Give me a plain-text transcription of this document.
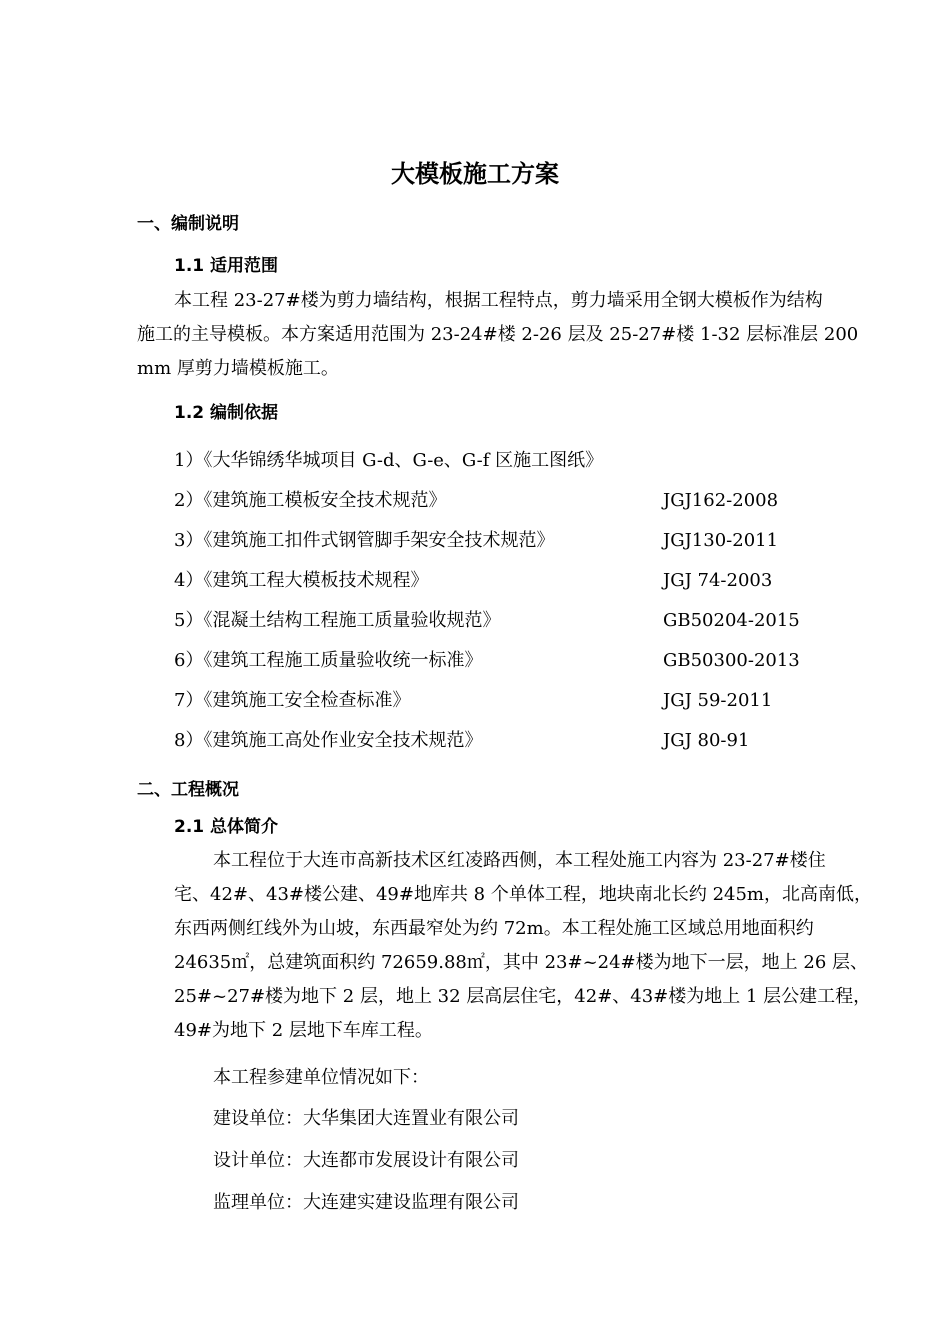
大模板施工方案
一、编制说明
1.1 适用范围
本工程 23-27#楼为剪力墙结构，根据工程特点，剪力墙采用全钢大模板作为结构
施工的主导模板。本方案适用范围为 23-24#楼 2-26 层及 25-27#楼 1-32 层标准层 200
mm 厚剪力墙模板施工。
1.2 编制依据
1）《大华锦绣华城项目 G-d、G-e、G-f 区施工图纸》
2）《建筑施工模板安全技术规范》	JGJ162-2008
3）《建筑施工扣件式钢管脚手架安全技术规范》	JGJ130-2011
4）《建筑工程大模板技术规程》	JGJ 74-2003
5）《混凝土结构工程施工质量验收规范》	GB50204-2015
6）《建筑工程施工质量验收统一标准》	GB50300-2013
7）《建筑施工安全检查标准》	JGJ 59-2011
8）《建筑施工高处作业安全技术规范》	JGJ 80-91
二、工程概况
2.1 总体简介
本工程位于大连市高新技术区红凌路西侧，本工程处施工内容为 23-27#楼住
宅、42#、43#楼公建、49#地库共 8 个单体工程，地块南北长约 245m，北高南低，
东西两侧红线外为山坡，东西最窄处为约 72m。本工程处施工区域总用地面积约
24635㎡，总建筑面积约 72659.88㎡，其中 23#~24#楼为地下一层，地上 26 层、
25#~27#楼为地下 2 层，地上 32 层高层住宅，42#、43#楼为地上 1 层公建工程，
49#为地下 2 层地下车库工程。
本工程参建单位情况如下：
建设单位：大华集团大连置业有限公司
设计单位：大连都市发展设计有限公司
监理单位：大连建实建设监理有限公司
